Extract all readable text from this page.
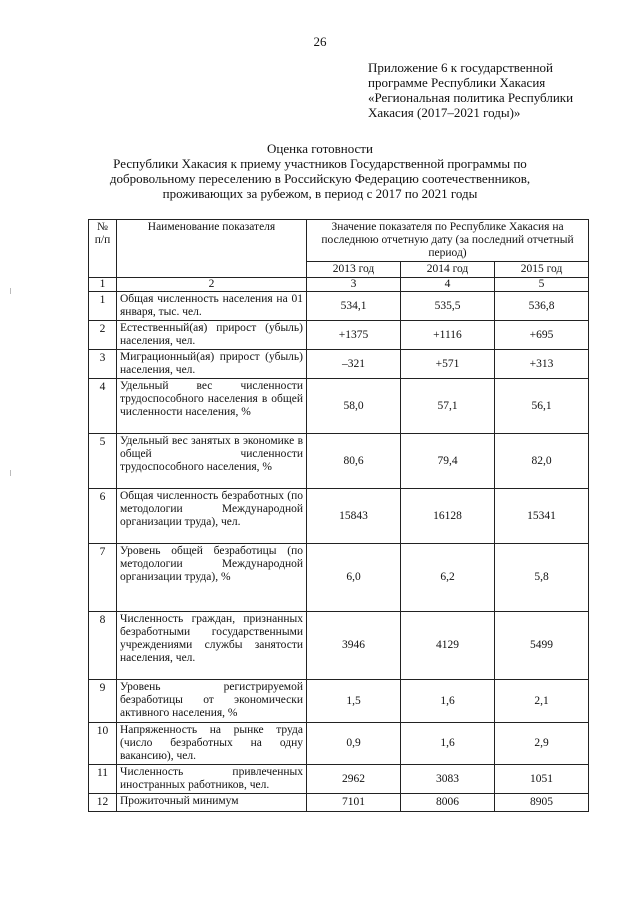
26
Приложение 6 к государственной
программе Республики Хакасия
«Региональная политика Республики
Хакасия (2017–2021 годы)»
Оценка готовности
Республики Хакасия к приему участников Государственной программы по
добровольному переселению в Российскую Федерацию соотечественников,
проживающих за рубежом, в период с 2017 по 2021 годы
№ п/п	Наименование показателя	Значение показателя по Республике Хакасия на последнюю отчетную дату (за последний отчетный период)		
		2013 год	2014 год	2015 год
1	2	3	4	5
1	Общая численность населения на 01 января, тыс. чел.	534,1	535,5	536,8
2	Естественный(ая) прирост (убыль) населения, чел.	+1375	+1116	+695
3	Миграционный(ая) прирост (убыль) населения, чел.	–321	+571	+313
4	Удельный вес численности трудоспособного населения в общей численности населения, %	58,0	57,1	56,1
5	Удельный вес занятых в экономике в общей численности трудоспособного населения, %	80,6	79,4	82,0
6	Общая численность безработных (по методологии Международной организации труда), чел.	15843	16128	15341
7	Уровень общей безработицы (по методологии Международной организации труда), %	6,0	6,2	5,8
8	Численность граждан, признанных безработными государственными учреждениями службы занятости населения, чел.	3946	4129	5499
9	Уровень регистрируемой безработицы от экономически активного населения, %	1,5	1,6	2,1
10	Напряженность на рынке труда (число безработных на одну вакансию), чел.	0,9	1,6	2,9
11	Численность привлеченных иностранных работников, чел.	2962	3083	1051
12	Прожиточный минимум	7101	8006	8905
